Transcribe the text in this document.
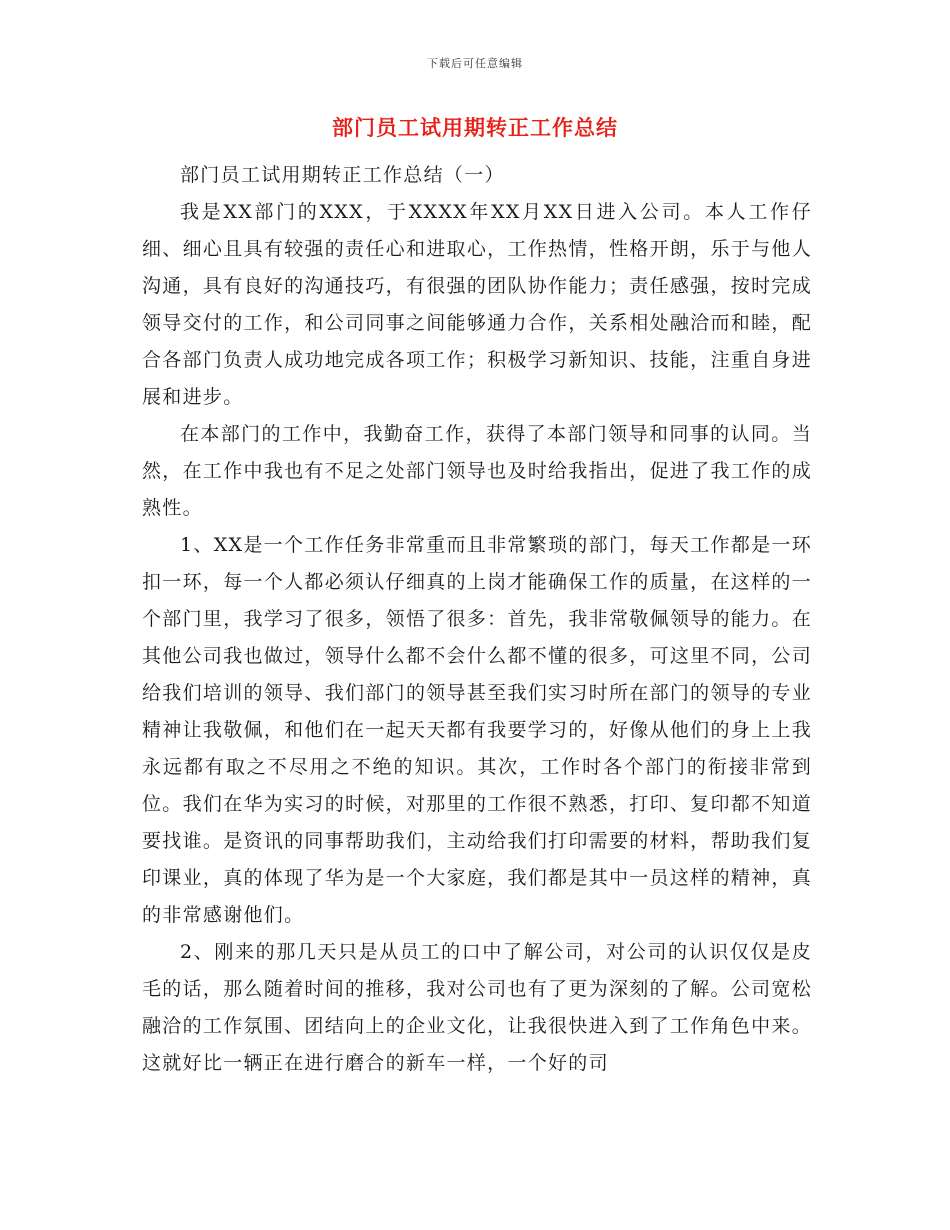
下载后可任意编辑
部门员工试用期转正工作总结

部门员工试用期转正工作总结（一）

我是XX部门的XXX，于XXXX年XX月XX日进入公司。本人工作仔细、细心且具有较强的责任心和进取心，工作热情，性格开朗，乐于与他人沟通，具有良好的沟通技巧，有很强的团队协作能力；责任感强，按时完成领导交付的工作，和公司同事之间能够通力合作，关系相处融洽而和睦，配合各部门负责人成功地完成各项工作；积极学习新知识、技能，注重自身进展和进步。

在本部门的工作中，我勤奋工作，获得了本部门领导和同事的认同。当然，在工作中我也有不足之处部门领导也及时给我指出，促进了我工作的成熟性。

1、XX是一个工作任务非常重而且非常繁琐的部门，每天工作都是一环扣一环，每一个人都必须认仔细真的上岗才能确保工作的质量，在这样的一个部门里，我学习了很多，领悟了很多：首先，我非常敬佩领导的能力。在其他公司我也做过，领导什么都不会什么都不懂的很多，可这里不同，公司给我们培训的领导、我们部门的领导甚至我们实习时所在部门的领导的专业精神让我敬佩，和他们在一起天天都有我要学习的，好像从他们的身上上我永远都有取之不尽用之不绝的知识。其次，工作时各个部门的衔接非常到位。我们在华为实习的时候，对那里的工作很不熟悉，打印、复印都不知道要找谁。是资讯的同事帮助我们，主动给我们打印需要的材料，帮助我们复印课业，真的体现了华为是一个大家庭，我们都是其中一员这样的精神，真的非常感谢他们。

2、刚来的那几天只是从员工的口中了解公司，对公司的认识仅仅是皮毛的话，那么随着时间的推移，我对公司也有了更为深刻的了解。公司宽松融洽的工作氛围、团结向上的企业文化，让我很快进入到了工作角色中来。这就好比一辆正在进行磨合的新车一样，一个好的司
